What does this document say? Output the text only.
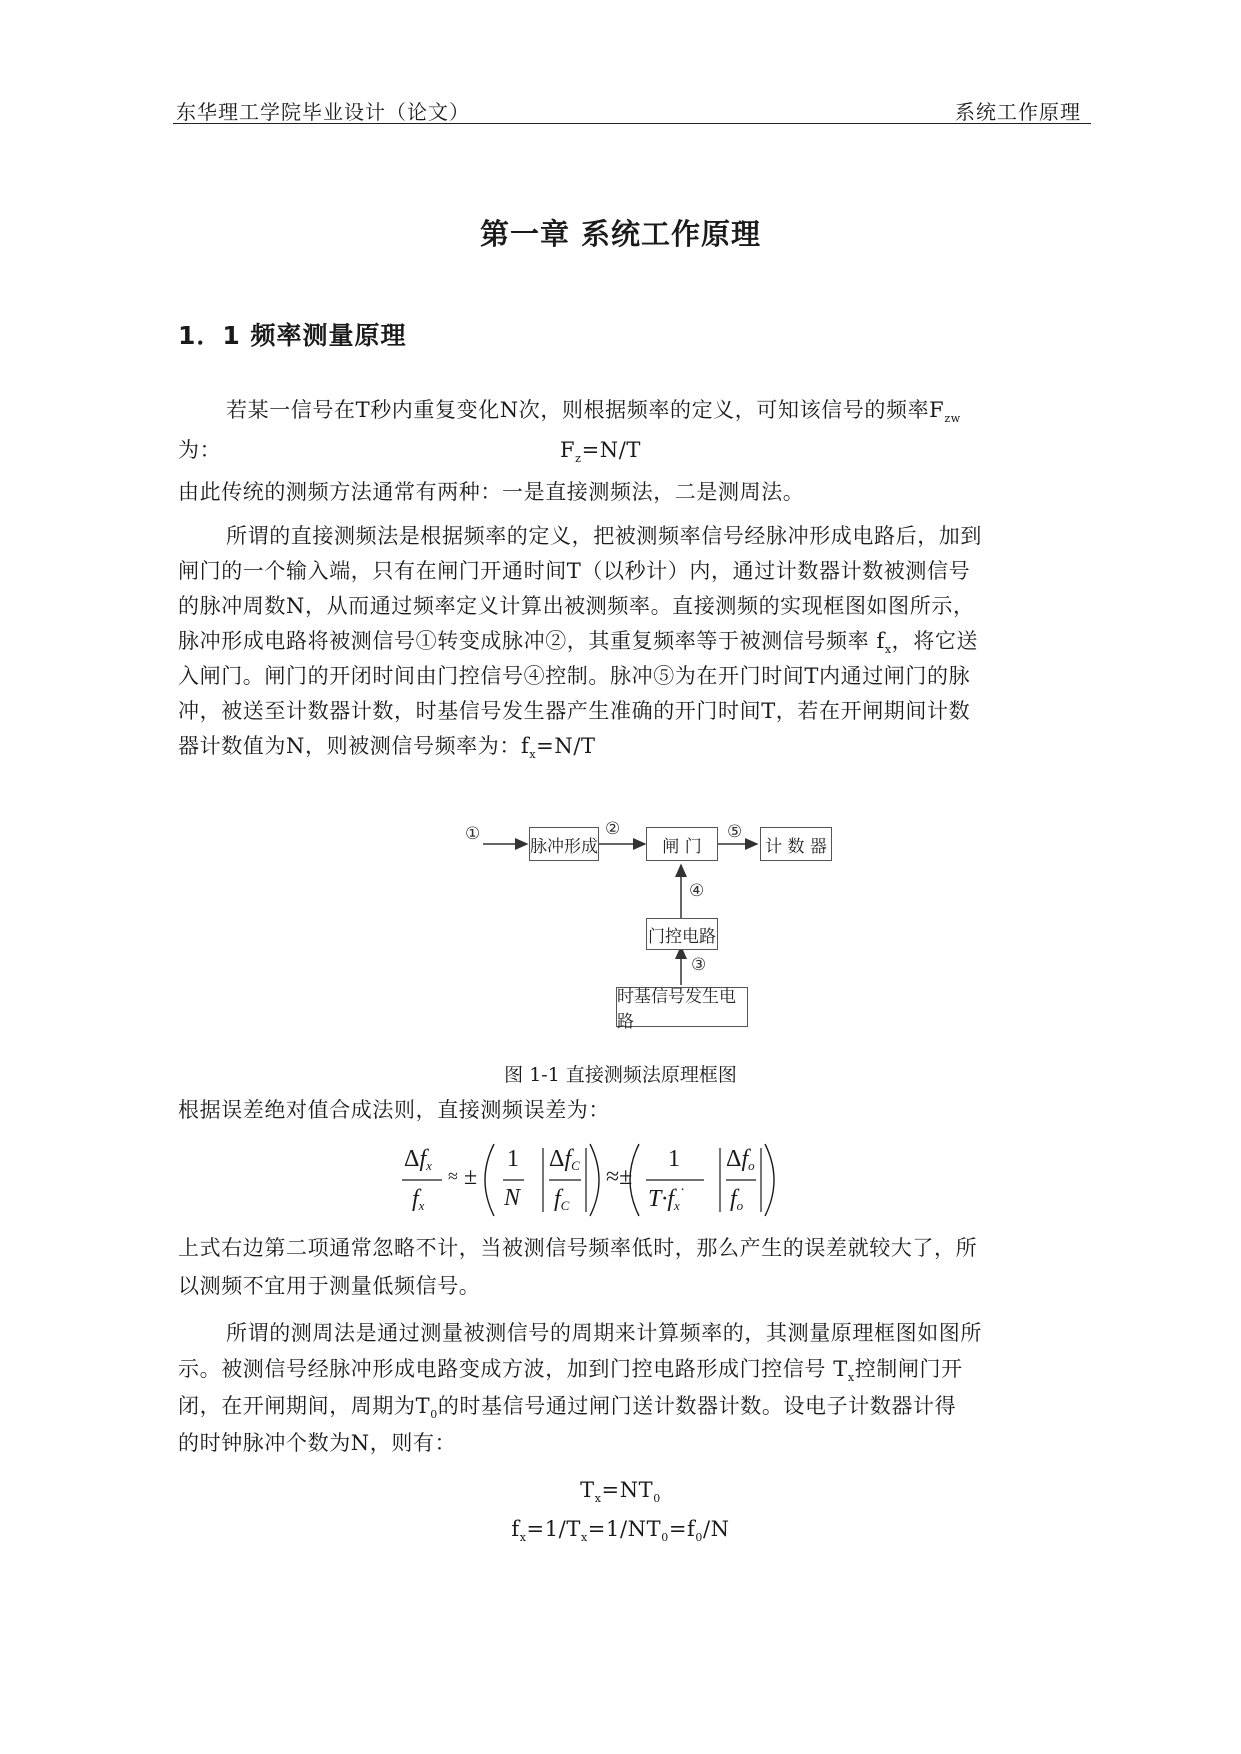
东华理工学院毕业设计（论文）	系统工作原理
第一章 系统工作原理
1．1 频率测量原理
若某一信号在T秒内重复变化N次，则根据频率的定义，可知该信号的频率$F_{zw}$
为：	$F_z=N/T$
由此传统的测频方法通常有两种：一是直接测频法，二是测周法。
所谓的直接测频法是根据频率的定义，把被测频率信号经脉冲形成电路后，加到
闸门的一个输入端，只有在闸门开通时间T（以秒计）内，通过计数器计数被测信号
的脉冲周数N，从而通过频率定义计算出被测频率。直接测频的实现框图如图所示，
脉冲形成电路将被测信号①转变成脉冲②，其重复频率等于被测信号频率 $f_x$，将它送
入闸门。闸门的开闭时间由门控信号④控制。脉冲⑤为在开门时间T内通过闸门的脉
冲，被送至计数器计数，时基信号发生器产生准确的开门时间T，若在开闸期间计数
器计数值为N，则被测信号频率为：$f_x=N/T$
脉冲形成	闸 门	计 数 器
门控电路
时基信号发生电路
①	②	⑤
④
③
图 1-1 直接测频法原理框图
根据误差绝对值合成法则，直接测频误差为：
$\Delta f_x$
$f_x$
≈ ±
1
N
$\Delta f_C$
$f_C$
≈±
1
$T\cdot f_x˙$
$\Delta f_o$
$f_o$
上式右边第二项通常忽略不计，当被测信号频率低时，那么产生的误差就较大了，所
以测频不宜用于测量低频信号。
所谓的测周法是通过测量被测信号的周期来计算频率的，其测量原理框图如图所
示。被测信号经脉冲形成电路变成方波，加到门控电路形成门控信号 $T_x$控制闸门开
闭，在开闸期间，周期为$T_0$的时基信号通过闸门送计数器计数。设电子计数器计得
的时钟脉冲个数为N，则有：
$T_x=NT_0$
$f_x=1/T_x=1/NT_0=f_0/N$
